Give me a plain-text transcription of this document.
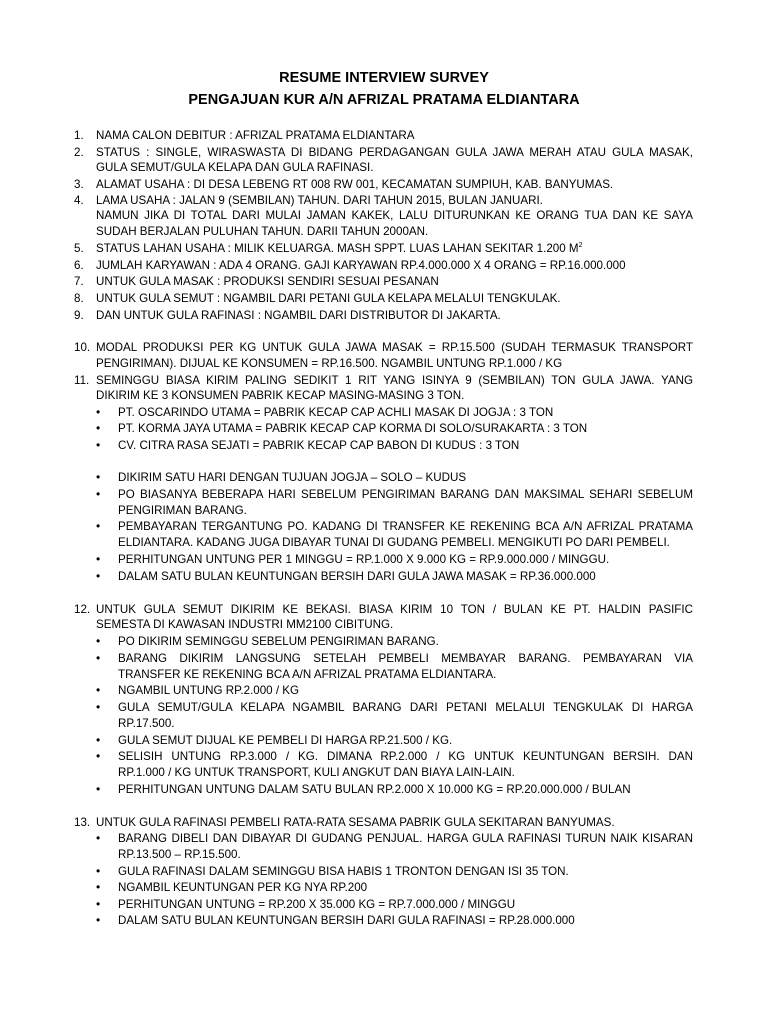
RESUME INTERVIEW SURVEY
PENGAJUAN KUR A/N AFRIZAL PRATAMA ELDIANTARA
1. NAMA CALON DEBITUR : AFRIZAL PRATAMA ELDIANTARA
2. STATUS : SINGLE, WIRASWASTA DI BIDANG PERDAGANGAN GULA JAWA MERAH ATAU GULA MASAK,
GULA SEMUT/GULA KELAPA DAN GULA RAFINASI.
3. ALAMAT USAHA : DI DESA LEBENG RT 008 RW 001, KECAMATAN SUMPIUH, KAB. BANYUMAS.
4. LAMA USAHA : JALAN 9 (SEMBILAN) TAHUN. DARI TAHUN 2015, BULAN JANUARI.
NAMUN JIKA DI TOTAL DARI MULAI JAMAN KAKEK, LALU DITURUNKAN KE ORANG TUA DAN KE SAYA
SUDAH BERJALAN PULUHAN TAHUN. DARII TAHUN 2000AN.
5. STATUS LAHAN USAHA : MILIK KELUARGA. MASH SPPT. LUAS LAHAN SEKITAR 1.200 $M^2$
6. JUMLAH KARYAWAN : ADA 4 ORANG. GAJI KARYAWAN RP.4.000.000 X 4 ORANG = RP.16.000.000
7. UNTUK GULA MASAK : PRODUKSI SENDIRI SESUAI PESANAN
8. UNTUK GULA SEMUT : NGAMBIL DARI PETANI GULA KELAPA MELALUI TENGKULAK.
9. DAN UNTUK GULA RAFINASI : NGAMBIL DARI DISTRIBUTOR DI JAKARTA.
10. MODAL PRODUKSI PER KG UNTUK GULA JAWA MASAK = RP.15.500 (SUDAH TERMASUK TRANSPORT
PENGIRIMAN). DIJUAL KE KONSUMEN = RP.16.500. NGAMBIL UNTUNG RP.1.000 / KG
11. SEMINGGU BIASA KIRIM PALING SEDIKIT 1 RIT YANG ISINYA 9 (SEMBILAN) TON GULA JAWA. YANG
DIKIRIM KE 3 KONSUMEN PABRIK KECAP MASING-MASING 3 TON.
• PT. OSCARINDO UTAMA = PABRIK KECAP CAP ACHLI MASAK DI JOGJA : 3 TON
• PT. KORMA JAYA UTAMA = PABRIK KECAP CAP KORMA DI SOLO/SURAKARTA : 3 TON
• CV. CITRA RASA SEJATI = PABRIK KECAP CAP BABON DI KUDUS : 3 TON
• DIKIRIM SATU HARI DENGAN TUJUAN JOGJA – SOLO – KUDUS
• PO BIASANYA BEBERAPA HARI SEBELUM PENGIRIMAN BARANG DAN MAKSIMAL SEHARI SEBELUM
PENGIRIMAN BARANG.
• PEMBAYARAN TERGANTUNG PO. KADANG DI TRANSFER KE REKENING BCA A/N AFRIZAL PRATAMA
ELDIANTARA. KADANG JUGA DIBAYAR TUNAI DI GUDANG PEMBELI. MENGIKUTI PO DARI PEMBELI.
• PERHITUNGAN UNTUNG PER 1 MINGGU = RP.1.000 X 9.000 KG = RP.9.000.000 / MINGGU.
• DALAM SATU BULAN KEUNTUNGAN BERSIH DARI GULA JAWA MASAK = RP.36.000.000
12. UNTUK GULA SEMUT DIKIRIM KE BEKASI. BIASA KIRIM 10 TON / BULAN KE PT. HALDIN PASIFIC
SEMESTA DI KAWASAN INDUSTRI MM2100 CIBITUNG.
• PO DIKIRIM SEMINGGU SEBELUM PENGIRIMAN BARANG.
• BARANG DIKIRIM LANGSUNG SETELAH PEMBELI MEMBAYAR BARANG. PEMBAYARAN VIA
TRANSFER KE REKENING BCA A/N AFRIZAL PRATAMA ELDIANTARA.
• NGAMBIL UNTUNG RP.2.000 / KG
• GULA SEMUT/GULA KELAPA NGAMBIL BARANG DARI PETANI MELALUI TENGKULAK DI HARGA
RP.17.500.
• GULA SEMUT DIJUAL KE PEMBELI DI HARGA RP.21.500 / KG.
• SELISIH UNTUNG RP.3.000 / KG. DIMANA RP.2.000 / KG UNTUK KEUNTUNGAN BERSIH. DAN
RP.1.000 / KG UNTUK TRANSPORT, KULI ANGKUT DAN BIAYA LAIN-LAIN.
• PERHITUNGAN UNTUNG DALAM SATU BULAN RP.2.000 X 10.000 KG = RP.20.000.000 / BULAN
13. UNTUK GULA RAFINASI PEMBELI RATA-RATA SESAMA PABRIK GULA SEKITARAN BANYUMAS.
• BARANG DIBELI DAN DIBAYAR DI GUDANG PENJUAL. HARGA GULA RAFINASI TURUN NAIK KISARAN
RP.13.500 – RP.15.500.
• GULA RAFINASI DALAM SEMINGGU BISA HABIS 1 TRONTON DENGAN ISI 35 TON.
• NGAMBIL KEUNTUNGAN PER KG NYA RP.200
• PERHITUNGAN UNTUNG = RP.200 X 35.000 KG = RP.7.000.000 / MINGGU
• DALAM SATU BULAN KEUNTUNGAN BERSIH DARI GULA RAFINASI = RP.28.000.000
